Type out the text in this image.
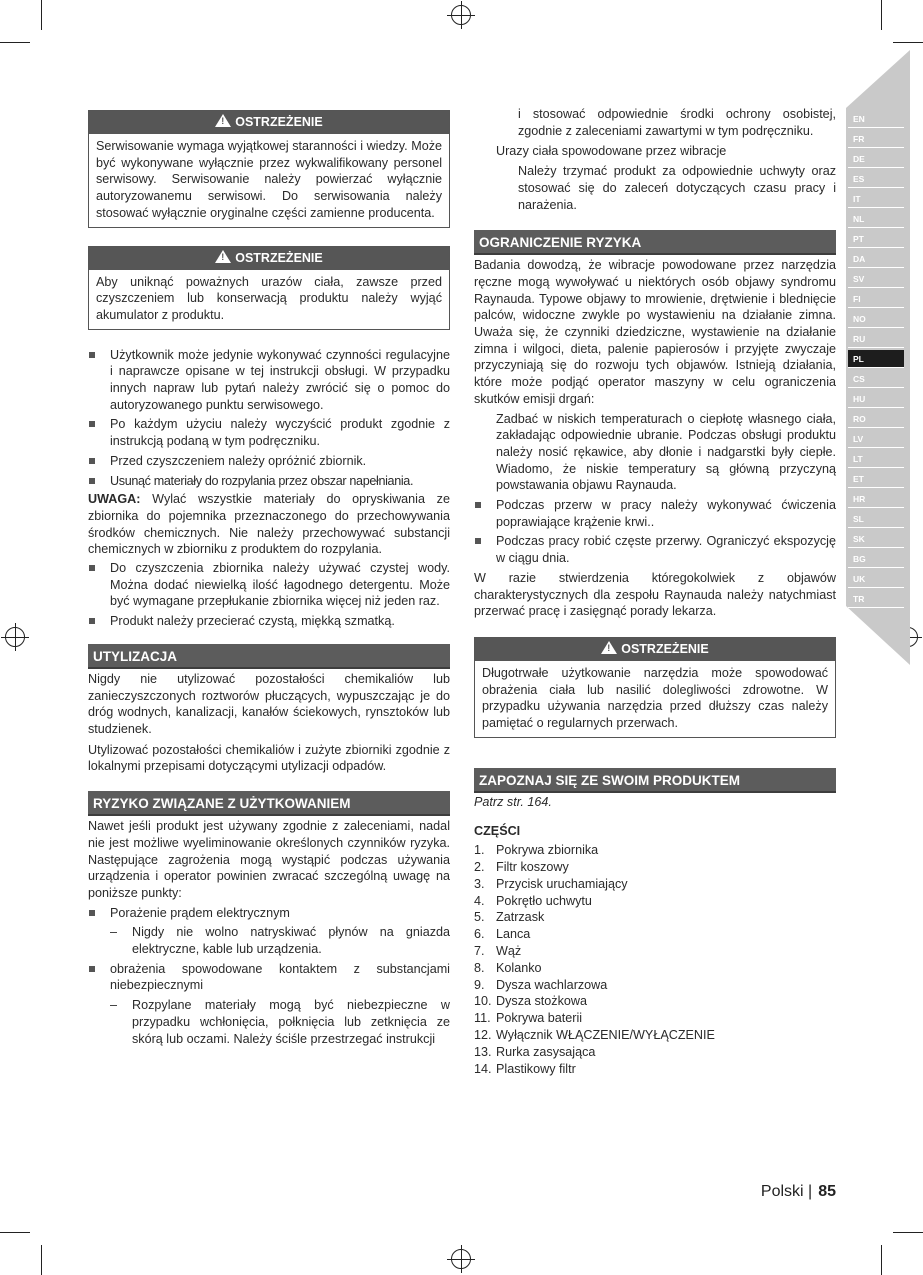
EN
FR
DE
ES
IT
NL
PT
DA
SV
FI
NO
RU
PL
CS
HU
RO
LV
LT
ET
HR
SL
SK
BG
UK
TR
!OSTRZEŻENIE
Serwisowanie wymaga wyjątkowej staranności i wiedzy. Może być wykonywane wyłącznie przez wykwalifikowany personel serwisowy. Serwisowanie należy powierzać wyłącznie autoryzowanemu serwisowi. Do serwisowania należy stosować wyłącznie oryginalne części zamienne producenta.
!OSTRZEŻENIE
Aby uniknąć poważnych urazów ciała, zawsze przed czyszczeniem lub konserwacją produktu należy wyjąć akumulator z produktu.
Użytkownik może jedynie wykonywać czynności regulacyjne i naprawcze opisane w tej instrukcji obsługi. W przypadku innych napraw lub pytań należy zwrócić się o pomoc do autoryzowanego punktu serwisowego.
Po każdym użyciu należy wyczyścić produkt zgodnie z instrukcją podaną w tym podręczniku.
Przed czyszczeniem należy opróżnić zbiornik.
Usunąć materiały do rozpylania przez obszar napełniania.

UWAGA: Wylać wszystkie materiały do opryskiwania ze zbiornika do pojemnika przeznaczonego do przechowywania środków chemicznych. Nie należy przechowywać substancji chemicznych w zbiorniku z produktem do rozpylania.

Do czyszczenia zbiornika należy używać czystej wody. Można dodać niewielką ilość łagodnego detergentu. Może być wymagane przepłukanie zbiornika więcej niż jeden raz.
Produkt należy przecierać czystą, miękką szmatką.
UTYLIZACJA

Nigdy nie utylizować pozostałości chemikaliów lub zanieczyszczonych roztworów płuczących, wypuszczając je do dróg wodnych, kanalizacji, kanałów ściekowych, rynsztoków lub studzienek.

Utylizować pozostałości chemikaliów i zużyte zbiorniki zgodnie z lokalnymi przepisami dotyczącymi utylizacji odpadów.

RYZYKO ZWIĄZANE Z UŻYTKOWANIEM

Nawet jeśli produkt jest używany zgodnie z zaleceniami, nadal nie jest możliwe wyeliminowanie określonych czynników ryzyka. Następujące zagrożenia mogą wystąpić podczas używania urządzenia i operator powinien zwracać szczególną uwagę na poniższe punkty:

Porażenie prądem elektrycznym
– Nigdy nie wolno natryskiwać płynów na gniazda elektryczne, kable lub urządzenia.
obrażenia spowodowane kontaktem z substancjami niebezpiecznymi
– Rozpylane materiały mogą być niebezpieczne w przypadku wchłonięcia, połknięcia lub zetknięcia ze skórą lub oczami. Należy ściśle przestrzegać instrukcji
i stosować odpowiednie środki ochrony osobistej, zgodnie z zaleceniami zawartymi w tym podręczniku.
Urazy ciała spowodowane przez wibracje
Należy trzymać produkt za odpowiednie uchwyty oraz stosować się do zaleceń dotyczących czasu pracy i narażenia.
OGRANICZENIE RYZYKA

Badania dowodzą, że wibracje powodowane przez narzędzia ręczne mogą wywoływać u niektórych osób objawy syndromu Raynauda. Typowe objawy to mrowienie, drętwienie i blednięcie palców, widoczne zwykle po wystawieniu na działanie zimna. Uważa się, że czynniki dziedziczne, wystawienie na działanie zimna i wilgoci, dieta, palenie papierosów i przyjęte zwyczaje przyczyniają się do rozwoju tych objawów. Istnieją działania, które może podjąć operator maszyny w celu ograniczenia skutków emisji drgań:

Zadbać w niskich temperaturach o ciepłotę własnego ciała, zakładając odpowiednie ubranie. Podczas obsługi produktu należy nosić rękawice, aby dłonie i nadgarstki były ciepłe. Wiadomo, że niskie temperatury są główną przyczyną powstawania objawu Raynauda.
Podczas przerw w pracy należy wykonywać ćwiczenia poprawiające krążenie krwi..
Podczas pracy robić częste przerwy. Ograniczyć ekspozycję w ciągu dnia.

W razie stwierdzenia któregokolwiek z objawów charakterystycznych dla zespołu Raynauda należy natychmiast przerwać pracę i zasięgnąć porady lekarza.

!OSTRZEŻENIE
Długotrwałe użytkowanie narzędzia może spowodować obrażenia ciała lub nasilić dolegliwości zdrowotne. W przypadku używania narzędzia przed dłuższy czas należy pamiętać o regularnych przerwach.
ZAPOZNAJ SIĘ ZE SWOIM PRODUKTEM

Patrz str. 164.

CZĘŚCI

1. Pokrywa zbiornika
2. Filtr koszowy
3. Przycisk uruchamiający
4. Pokrętło uchwytu
5. Zatrzask
6. Lanca
7. Wąż
8. Kolanko
9. Dysza wachlarzowa
10. Dysza stożkowa
11. Pokrywa baterii
12. Wyłącznik WŁĄCZENIE/WYŁĄCZENIE
13. Rurka zasysająca
14. Plastikowy filtr
Polski | 85
